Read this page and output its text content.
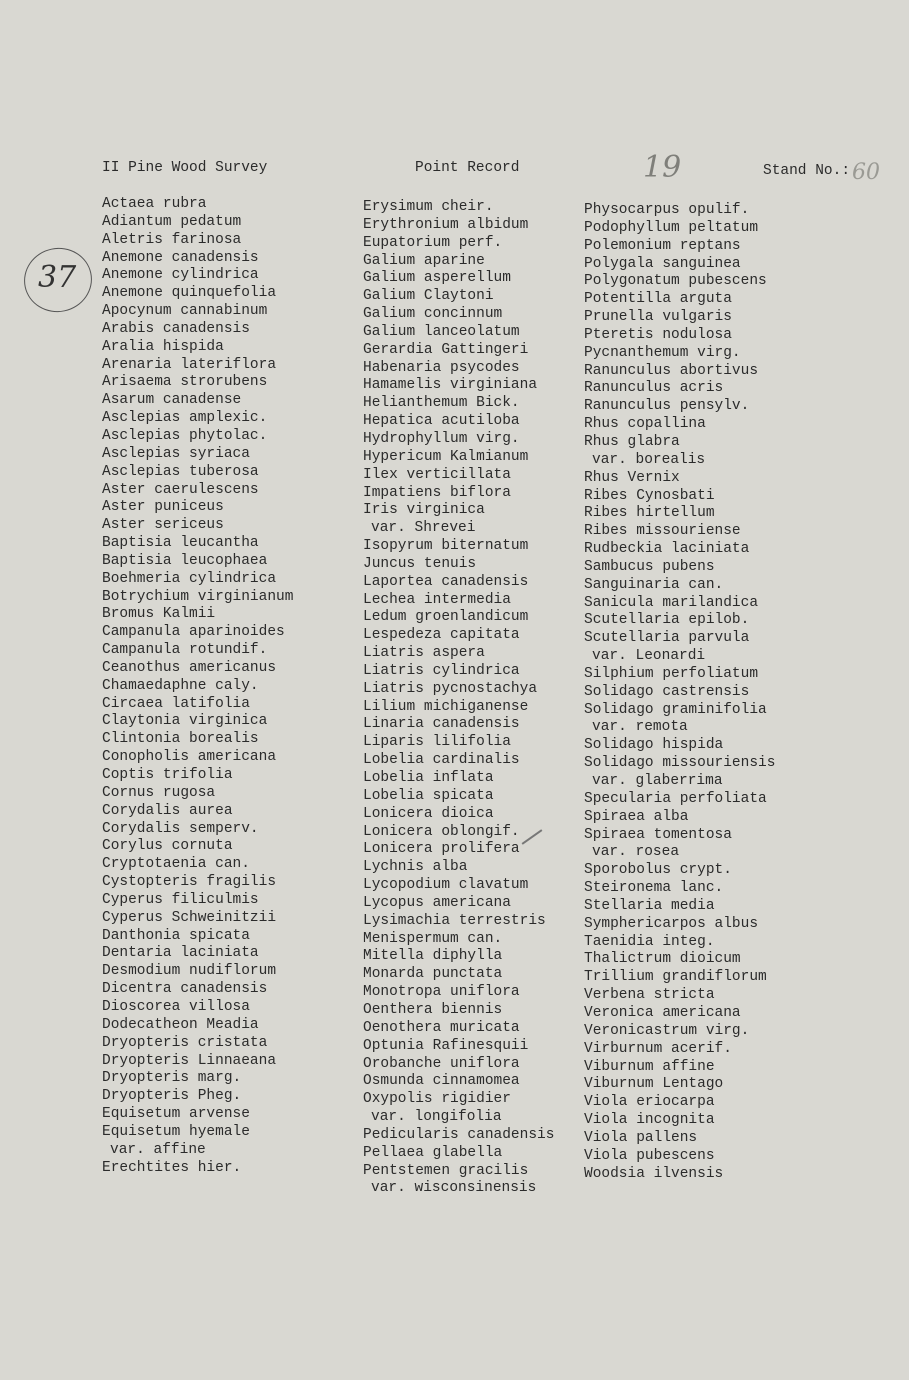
II Pine Wood Survey	Point Record	Stand No.:
19	60
37
Actaea rubra
Adiantum pedatum
Aletris farinosa
Anemone canadensis
Anemone cylindrica
Anemone quinquefolia
Apocynum cannabinum
Arabis canadensis
Aralia hispida
Arenaria lateriflora
Arisaema strorubens
Asarum canadense
Asclepias amplexic.
Asclepias phytolac.
Asclepias syriaca
Asclepias tuberosa
Aster caerulescens
Aster puniceus
Aster sericeus
Baptisia leucantha
Baptisia leucophaea
Boehmeria cylindrica
Botrychium virginianum
Bromus Kalmii
Campanula aparinoides
Campanula rotundif.
Ceanothus americanus
Chamaedaphne caly.
Circaea latifolia
Claytonia virginica
Clintonia borealis
Conopholis americana
Coptis trifolia
Cornus rugosa
Corydalis aurea
Corydalis semperv.
Corylus cornuta
Cryptotaenia can.
Cystopteris fragilis
Cyperus filiculmis
Cyperus Schweinitzii
Danthonia spicata
Dentaria laciniata
Desmodium nudiflorum
Dicentra canadensis
Dioscorea villosa
Dodecatheon Meadia
Dryopteris cristata
Dryopteris Linnaeana
Dryopteris marg.
Dryopteris Pheg.
Equisetum arvense
Equisetum hyemale
var. affine
Erechtites hier.
Erysimum cheir.
Erythronium albidum
Eupatorium perf.
Galium aparine
Galium asperellum
Galium Claytoni
Galium concinnum
Galium lanceolatum
Gerardia Gattingeri
Habenaria psycodes
Hamamelis virginiana
Helianthemum Bick.
Hepatica acutiloba
Hydrophyllum virg.
Hypericum Kalmianum
Ilex verticillata
Impatiens biflora
Iris virginica
var. Shrevei
Isopyrum biternatum
Juncus tenuis
Laportea canadensis
Lechea intermedia
Ledum groenlandicum
Lespedeza capitata
Liatris aspera
Liatris cylindrica
Liatris pycnostachya
Lilium michiganense
Linaria canadensis
Liparis lilifolia
Lobelia cardinalis
Lobelia inflata
Lobelia spicata
Lonicera dioica
Lonicera oblongif.
Lonicera prolifera
Lychnis alba
Lycopodium clavatum
Lycopus americana
Lysimachia terrestris
Menispermum can.
Mitella diphylla
Monarda punctata
Monotropa uniflora
Oenthera biennis
Oenothera muricata
Optunia Rafinesquii
Orobanche uniflora
Osmunda cinnamomea
Oxypolis rigidier
var. longifolia
Pedicularis canadensis
Pellaea glabella
Pentstemen gracilis
var. wisconsinensis
Physocarpus opulif.
Podophyllum peltatum
Polemonium reptans
Polygala sanguinea
Polygonatum pubescens
Potentilla arguta
Prunella vulgaris
Pteretis nodulosa
Pycnanthemum virg.
Ranunculus abortivus
Ranunculus acris
Ranunculus pensylv.
Rhus copallina
Rhus glabra
var. borealis
Rhus Vernix
Ribes Cynosbati
Ribes hirtellum
Ribes missouriense
Rudbeckia laciniata
Sambucus pubens
Sanguinaria can.
Sanicula marilandica
Scutellaria epilob.
Scutellaria parvula
var. Leonardi
Silphium perfoliatum
Solidago castrensis
Solidago graminifolia
var. remota
Solidago hispida
Solidago missouriensis
var. glaberrima
Specularia perfoliata
Spiraea alba
Spiraea tomentosa
var. rosea
Sporobolus crypt.
Steironema lanc.
Stellaria media
Symphericarpos albus
Taenidia integ.
Thalictrum dioicum
Trillium grandiflorum
Verbena stricta
Veronica americana
Veronicastrum virg.
Virburnum acerif.
Viburnum affine
Viburnum Lentago
Viola eriocarpa
Viola incognita
Viola pallens
Viola pubescens
Woodsia ilvensis
